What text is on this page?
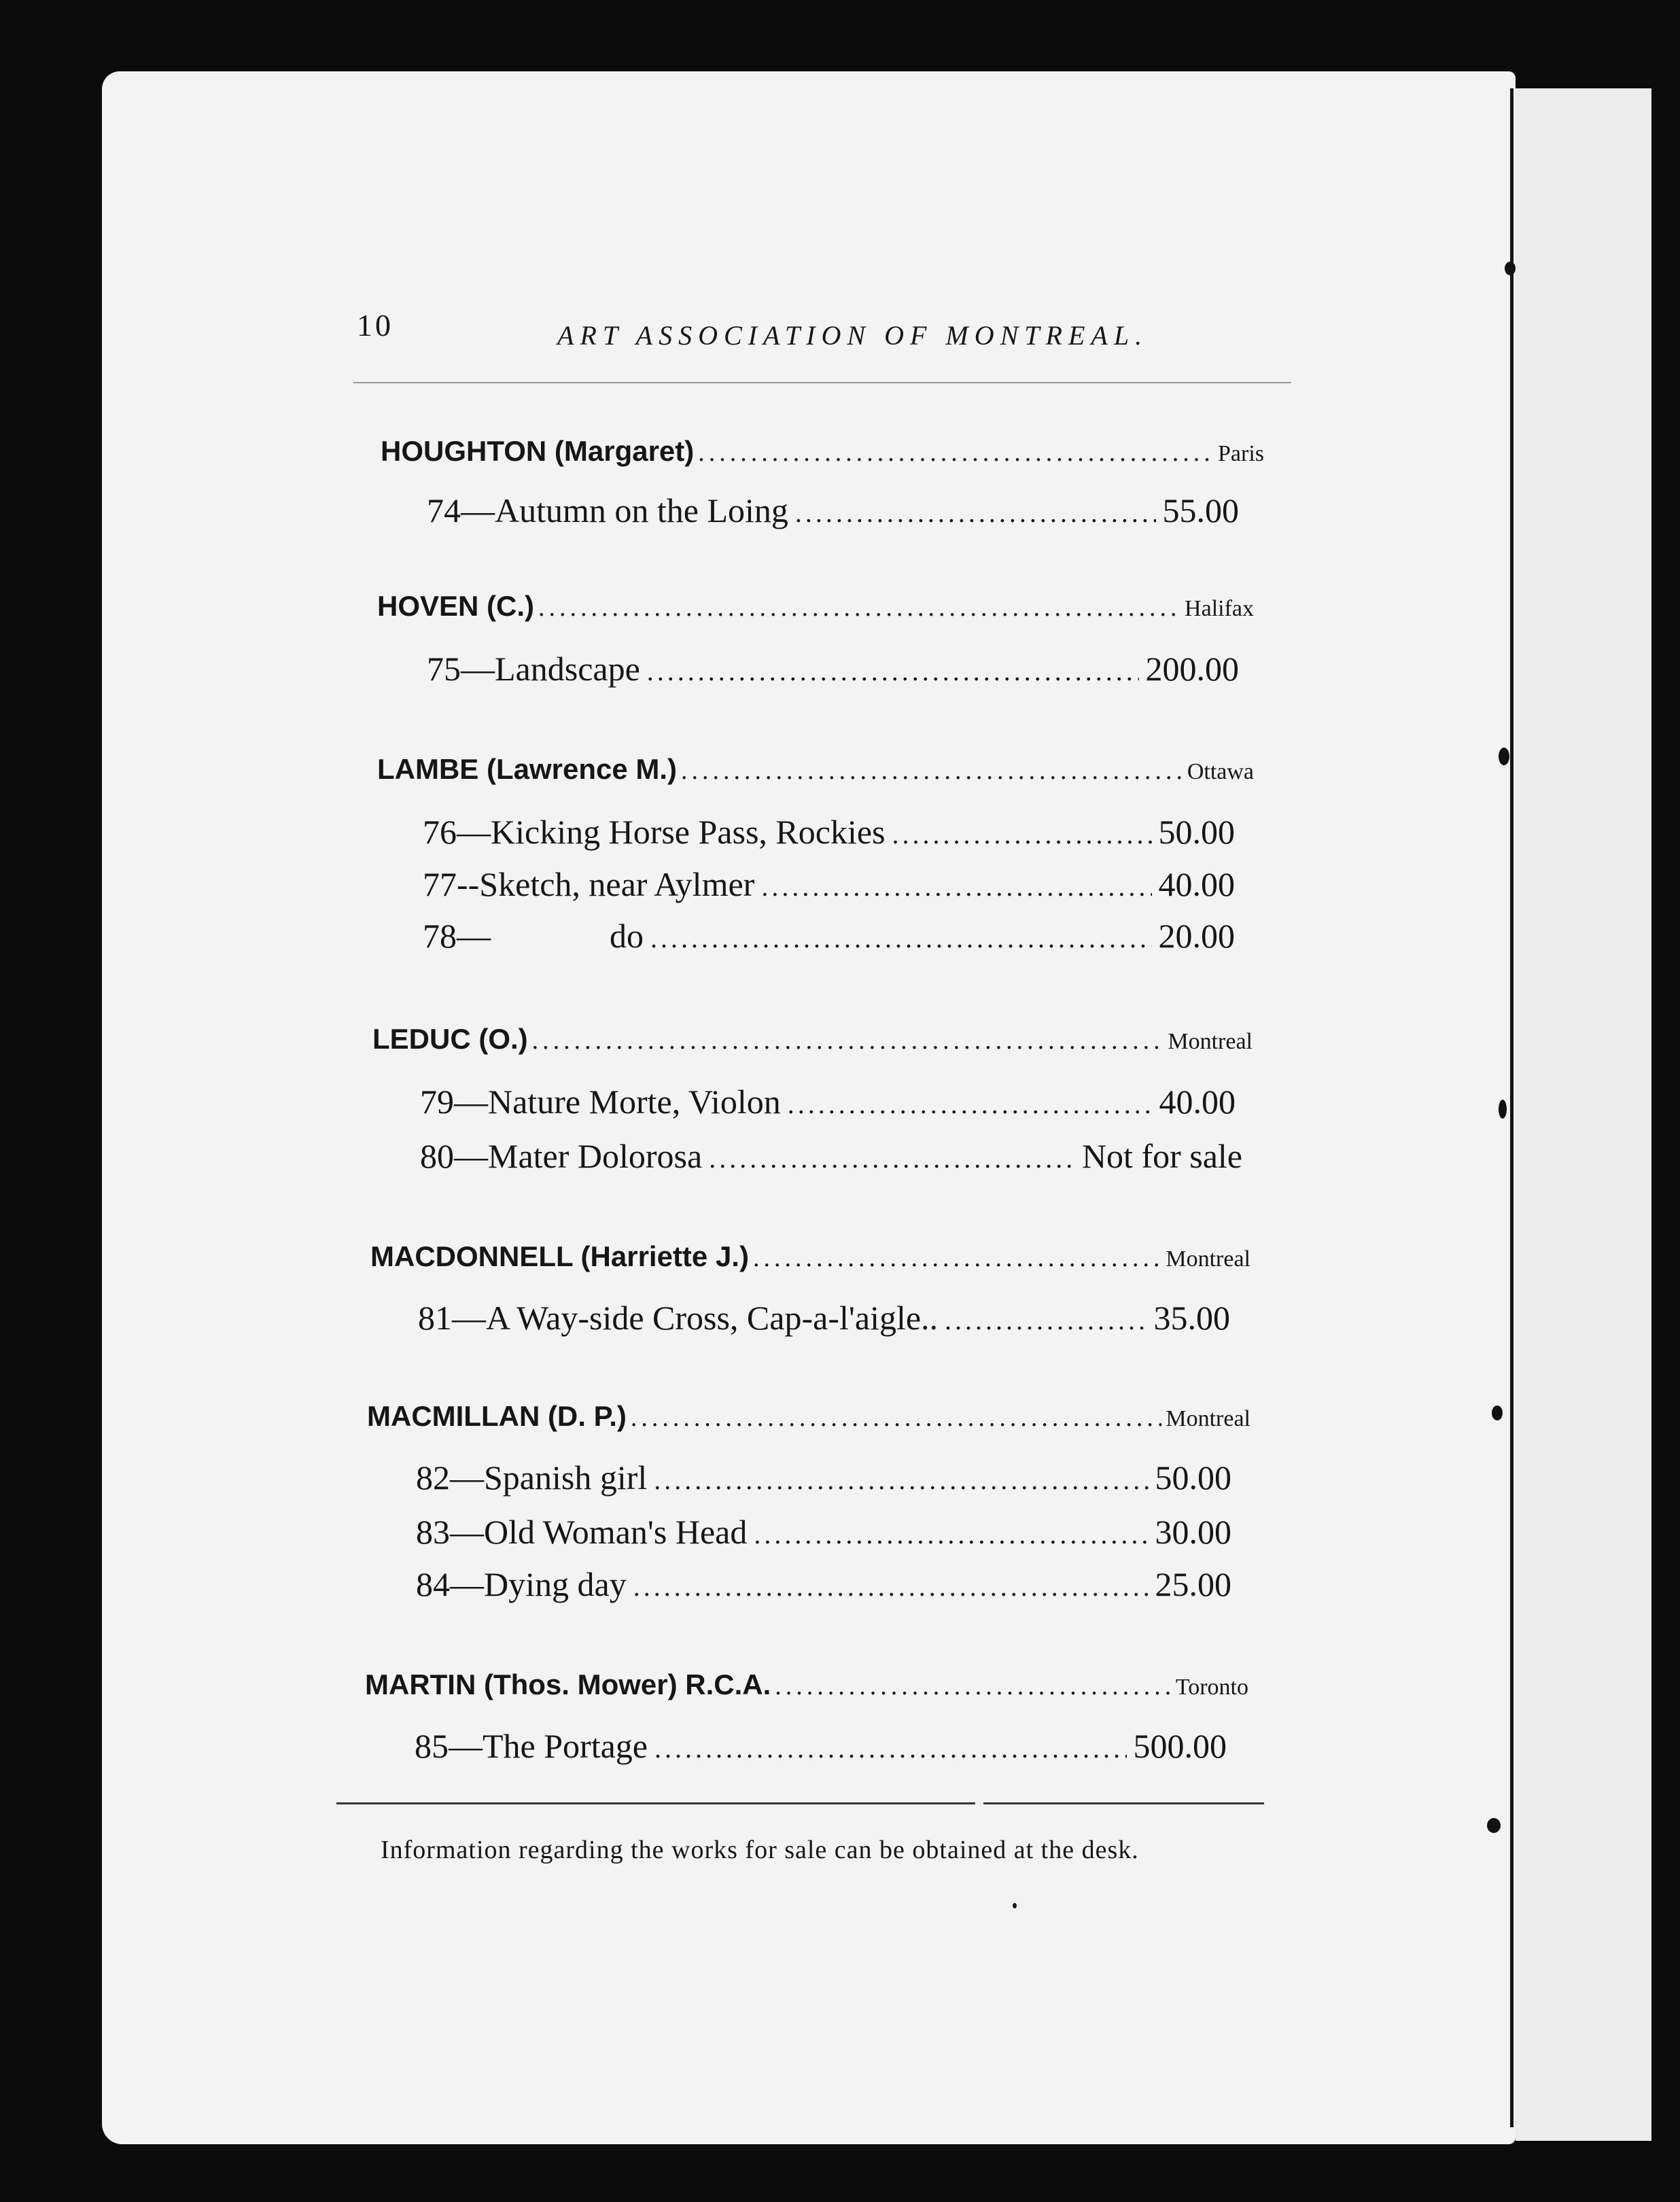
10	ART ASSOCIATION OF MONTREAL.
HOUGHTON (Margaret) .....	Paris
74—Autumn on the Loing .....	55.00
HOVEN (C.) .....	Halifax
75—Landscape .....	200.00
LAMBE (Lawrence M.) .....	Ottawa
76—Kicking Horse Pass, Rockies .....	50.00
77--Sketch, near Aylmer .....	40.00
78—              do .....	20.00
LEDUC (O.) .....	Montreal
79—Nature Morte, Violon .....	40.00
80—Mater Dolorosa .....	Not for sale
MACDONNELL (Harriette J.) .....	Montreal
81—A Way-side Cross, Cap-a-l'aigle.. .....	35.00
MACMILLAN (D. P.) .....	Montreal
82—Spanish girl .....	50.00
83—Old Woman's Head .....	30.00
84—Dying day .....	25.00
MARTIN (Thos. Mower) R.C.A. .....	Toronto
85—The Portage .....	500.00
Information regarding the works for sale can be obtained at the desk.
